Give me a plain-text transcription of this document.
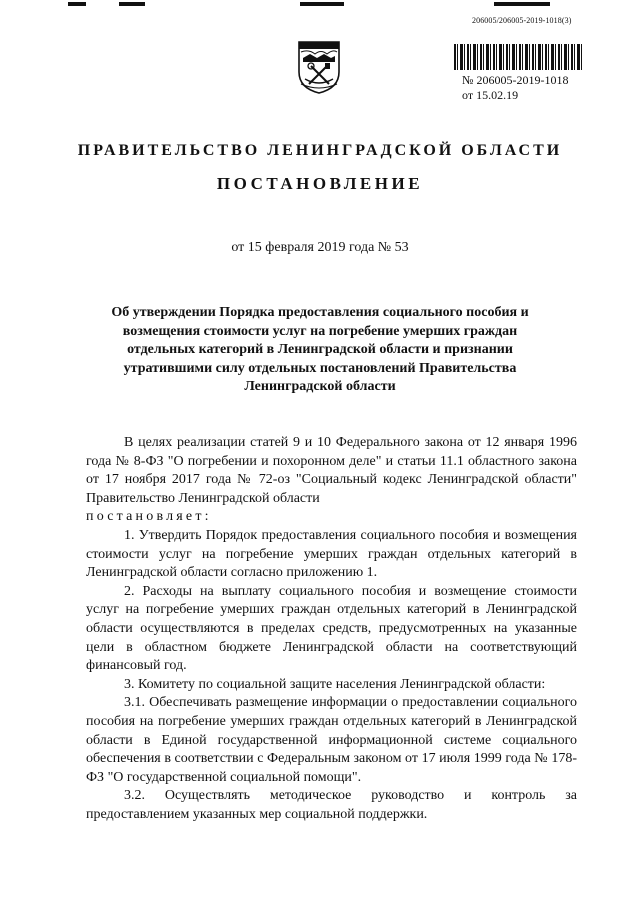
206005/206005-2019-1018(3)
№ 206005-2019-1018
от 15.02.19
ПРАВИТЕЛЬСТВО ЛЕНИНГРАДСКОЙ ОБЛАСТИ
ПОСТАНОВЛЕНИЕ
от 15 февраля 2019 года № 53
Об утверждении Порядка предоставления социального пособия и возмещения стоимости услуг на погребение умерших граждан отдельных категорий в Ленинградской области и признании утратившими силу отдельных постановлений Правительства Ленинградской области

В целях реализации статей 9 и 10 Федерального закона от 12 января 1996 года № 8-ФЗ "О погребении и похоронном деле" и статьи 11.1 областного закона от 17 ноября 2017 года № 72-оз "Социальный кодекс Ленинградской области" Правительство Ленинградской области

постановляет:

1. Утвердить Порядок предоставления социального пособия и возмещения стоимости услуг на погребение умерших граждан отдельных категорий в Ленинградской области согласно приложению 1.

2. Расходы на выплату социального пособия и возмещение стоимости услуг на погребение умерших граждан отдельных категорий в Ленинградской области осуществляются в пределах средств, предусмотренных на указанные цели в областном бюджете Ленинградской области на соответствующий финансовый год.

3. Комитету по социальной защите населения Ленинградской области:

3.1. Обеспечивать размещение информации о предоставлении социального пособия на погребение умерших граждан отдельных категорий в Ленинградской области в Единой государственной информационной системе социального обеспечения в соответствии с Федеральным законом от 17 июля 1999 года № 178-ФЗ "О государственной социальной помощи".

3.2. Осуществлять методическое руководство и контроль за предоставлением указанных мер социальной поддержки.
